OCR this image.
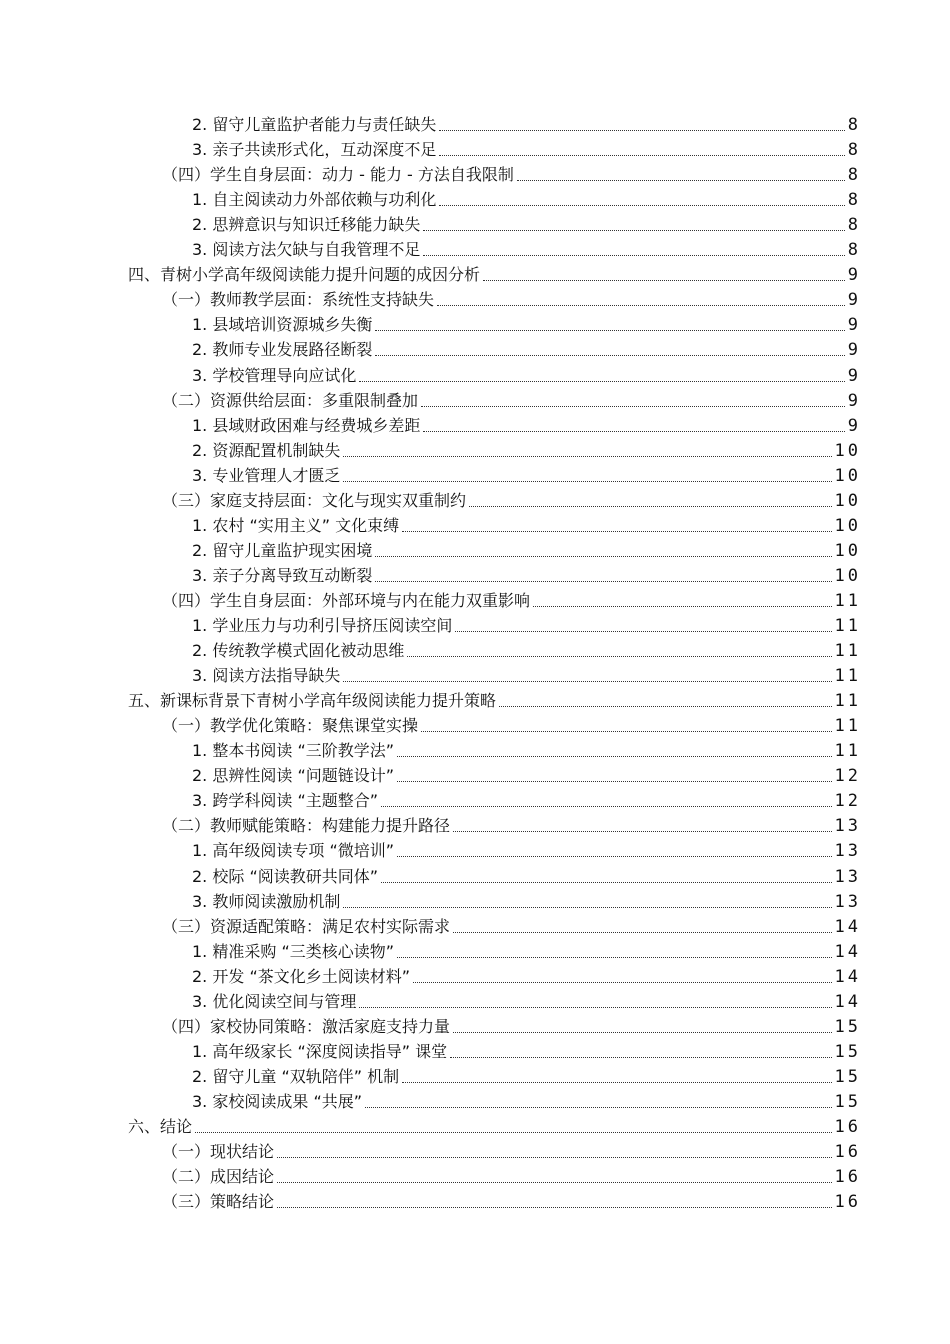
2. 留守儿童监护者能力与责任缺失	8
3. 亲子共读形式化，互动深度不足	8
（四）学生自身层面：动力 - 能力 - 方法自我限制	8
1. 自主阅读动力外部依赖与功利化	8
2. 思辨意识与知识迁移能力缺失	8
3. 阅读方法欠缺与自我管理不足	8
四、青树小学高年级阅读能力提升问题的成因分析	9
（一）教师教学层面：系统性支持缺失	9
1. 县域培训资源城乡失衡	9
2. 教师专业发展路径断裂	9
3. 学校管理导向应试化	9
（二）资源供给层面：多重限制叠加	9
1. 县域财政困难与经费城乡差距	9
2. 资源配置机制缺失	10
3. 专业管理人才匮乏	10
（三）家庭支持层面：文化与现实双重制约	10
1. 农村 “实用主义” 文化束缚	10
2. 留守儿童监护现实困境	10
3. 亲子分离导致互动断裂	10
（四）学生自身层面：外部环境与内在能力双重影响	11
1. 学业压力与功利引导挤压阅读空间	11
2. 传统教学模式固化被动思维	11
3. 阅读方法指导缺失	11
五、新课标背景下青树小学高年级阅读能力提升策略	11
（一）教学优化策略：聚焦课堂实操	11
1. 整本书阅读 “三阶教学法”	11
2. 思辨性阅读 “问题链设计”	12
3. 跨学科阅读 “主题整合”	12
（二）教师赋能策略：构建能力提升路径	13
1. 高年级阅读专项 “微培训”	13
2. 校际 “阅读教研共同体”	13
3. 教师阅读激励机制	13
（三）资源适配策略：满足农村实际需求	14
1. 精准采购 “三类核心读物”	14
2. 开发 “茶文化乡土阅读材料”	14
3. 优化阅读空间与管理	14
（四）家校协同策略：激活家庭支持力量	15
1. 高年级家长 “深度阅读指导” 课堂	15
2. 留守儿童 “双轨陪伴” 机制	15
3. 家校阅读成果 “共展”	15
六、结论	16
（一）现状结论	16
（二）成因结论	16
（三）策略结论	16
